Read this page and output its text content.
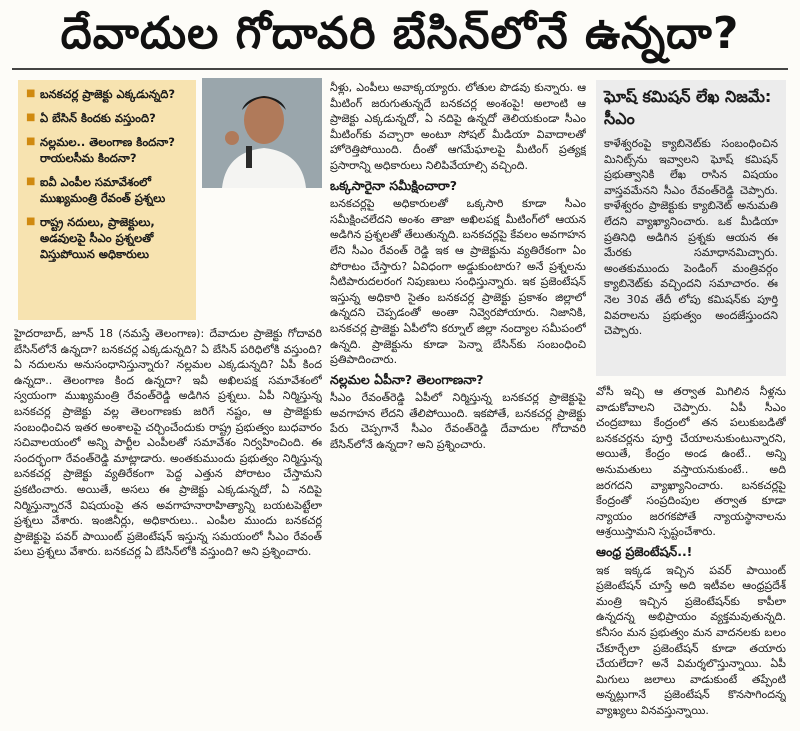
దేవాదుల గోదావరి బేసిన్‌లోనే ఉన్నదా?
■ బనకచర్ల ప్రాజెక్టు ఎక్కడున్నది?
■ ఏ బేసిన్ కిందకు వస్తుంది?
■ నల్లమల.. తెలంగాణ కిందనా? రాయలసీమ కిందనా?
■ ఐవీ ఎంపీల సమావేశంలో ముఖ్యమంత్రి రేవంత్ ప్రశ్నలు
■ రాష్ట్ర నదులు, ప్రాజెక్టులు, అడవులపై సీఎం ప్రశ్నలతో విస్తుపోయిన అధికారులు

నీళ్లు, ఎంపీలు అవాక్కయ్యారు. లోతుల పొడవు కున్నారు. ఆ మీటింగ్ జరుగుతున్నదే బనకచర్ల అంశంపై! అలాంటి ఆ ప్రాజెక్టు ఎక్కడున్నదో, ఏ నదిపై ఉన్నదో తెలియకుండా సీఎం మీటింగ్‌కు వచ్చారా అంటూ సోషల్ మీడియా వివాదాలతో హోరెత్తిపోయింది. దీంతో ఆగమేఘాలపై మీటింగ్ ప్రత్యక్ష ప్రసారాన్ని అధికారులు నిలిపివేయాల్సి వచ్చింది.

ఒక్కసారైనా సమీక్షించారా?

బనకచర్లపై అధికారులతో ఒక్కసారి కూడా సీఎం సమీక్షించలేదని అంశం తాజా అఖిలపక్ష మీటింగ్‌లో ఆయన అడిగిన ప్రశ్నలతో తేలుతున్నది. బనకచర్లపై కేవలం అవగాహన లేని సీఎం రేవంత్ రెడ్డి ఇక ఆ ప్రాజెక్టును వ్యతిరేకంగా ఏం పోరాటం చేస్తారు? ఏవిధంగా అడ్డుకుంటారు? అనే ప్రశ్నలను నీటిపారుదలరంగ నిపుణులు సంధిస్తున్నారు. ఇక ప్రజెంటేషన్ ఇస్తున్న అధికారి సైతం బనకచర్ల ప్రాజెక్టు ప్రకాశం జిల్లాలో ఉన్నదని చెప్పడంతో అంతా నివ్వెరపోయారు. నిజానికి, బనకచర్ల ప్రాజెక్టు ఏపీలోని కర్నూల్ జిల్లా నంద్యాల సమీపంలో ఉన్నది. ప్రాజెక్టును కూడా పెన్నా బేసిన్‌కు సంబంధించి ప్రతిపాదించారు.

నల్లమల ఏపీనా? తెలంగాణనా?

సీఎం రేవంత్‌రెడ్డి ఏపీలో నిర్మిస్తున్న బనకచర్ల ప్రాజెక్టుపై అవగాహన లేదని తేలిపోయింది. ఇకపోతే, బనకచర్ల ప్రాజెక్టు పేరు చెప్పగానే సీఎం రేవంత్‌రెడ్డి దేవాదుల గోదావరి బేసిన్‌లోనే ఉన్నదా? అని ప్రశ్నించారు.

హైదరాబాద్, జూన్ 18 (నమస్తే తెలంగాణ): దేవాదుల ప్రాజెక్టు గోదావరి బేసిన్‌లోనే ఉన్నదా? బనకచర్ల ఎక్కడున్నది? ఏ బేసిన్ పరిధిలోకి వస్తుంది? ఏ నదులను అనుసంధానిస్తున్నారు? నల్లమల ఎక్కడున్నది? ఏపీ కింద ఉన్నదా.. తెలంగాణ కింద ఉన్నదా? ఇవీ అఖిలపక్ష సమావేశంలో స్వయంగా ముఖ్యమంత్రి రేవంత్‌రెడ్డి అడిగిన ప్రశ్నలు. ఏపీ నిర్మిస్తున్న బనకచర్ల ప్రాజెక్టు వల్ల తెలంగాణకు జరిగే నష్టం, ఆ ప్రాజెక్టుకు సంబంధించిన ఇతర అంశాలపై చర్చించేందుకు రాష్ట్ర ప్రభుత్వం బుధవారం సచివాలయంలో అన్ని పార్టీల ఎంపీలతో సమావేశం నిర్వహించింది. ఈ సందర్భంగా రేవంత్‌రెడ్డి మాట్లాడారు. అంతకుముందు ప్రభుత్వం నిర్మిస్తున్న బనకచర్ల ప్రాజెక్టు వ్యతిరేకంగా పెద్ద ఎత్తున పోరాటం చేస్తామని ప్రకటించారు. అయితే, అసలు ఈ ప్రాజెక్టు ఎక్కడున్నదో, ఏ నదిపై నిర్మిస్తున్నారనే విషయంపై తన అవగాహనారాహిత్యాన్ని బయటపెట్టేలా ప్రశ్నలు వేశారు. ఇంజినీర్లు, అధికారులు.. ఎంపీల ముందు బనకచర్ల ప్రాజెక్టుపై పవర్ పాయింట్ ప్రజెంటేషన్ ఇస్తున్న సమయంలో సీఎం రేవంత్ పలు ప్రశ్నలు వేశారు. బనకచర్ల ఏ బేసిన్‌లోకి వస్తుంది? అని ప్రశ్నించారు.

ఘోష్ కమిషన్ లేఖ నిజమే: సీఎం
కాళేశ్వరంపై క్యాబినెట్‌కు సంబంధించిన మినిట్స్‌ను ఇవ్వాలని ఘోష్ కమిషన్ ప్రభుత్వానికి లేఖ రాసిన విషయం వాస్తవమేనని సీఎం రేవంత్‌రెడ్డి చెప్పారు. కాళేశ్వరం ప్రాజెక్టుకు క్యాబినెట్ అనుమతి లేదని వ్యాఖ్యానించారు. ఒక మీడియా ప్రతినిధి అడిగిన ప్రశ్నకు ఆయన ఈ మేరకు సమాధానమిచ్చారు. అంతకుముందు పెండింగ్ మంత్రివర్గం క్యాబినెట్‌కు వచ్చిందని సమాచారం. ఈ నెల 30వ తేదీ లోపు కమిషన్‌కు పూర్తి వివరాలను ప్రభుత్వం అందజేస్తుందని చెప్పారు.

వోసీ ఇచ్చి ఆ తర్వాత మిగిలిన నీళ్లను వాడుకోవాలని చెప్పారు. ఏపీ సీఎం చంద్రబాబు కేంద్రంలో తన పలుకుబడితో బనకచర్లను పూర్తి చేయాలనుకుంటున్నారని, అయితే, కేంద్రం అండ ఉంటే.. అన్ని అనుమతులు వస్తాయనుకుంటే.. అది జరగదని వ్యాఖ్యానించారు. బనకచర్లపై కేంద్రంతో సంప్రదింపుల తర్వాత కూడా న్యాయం జరగకపోతే న్యాయస్థానాలను ఆశ్రయిస్తామని స్పష్టంచేశారు.

ఆంధ్ర ప్రజెంటేషన్..!

ఇక ఇక్కడ ఇచ్చిన పవర్ పాయింట్ ప్రజెంటేషన్ చూస్తే అది ఇటీవల ఆంధ్రప్రదేశ్ మంత్రి ఇచ్చిన ప్రజెంటేషన్‌కు కాపీలా ఉన్నదన్న అభిప్రాయం వ్యక్తమవుతున్నది. కనీసం మన ప్రభుత్వం మన వాదనలకు బలం చేకూర్చేలా ప్రజెంటేషన్ కూడా తయారు చేయలేదా? అనే విమర్శలొస్తున్నాయి. ఏపీ మిగులు జలాలు వాడుకుంటే తప్పేంటి అన్నట్లుగానే ప్రజెంటేషన్ కొనసాగిందన్న వ్యాఖ్యలు వినవస్తున్నాయి.
